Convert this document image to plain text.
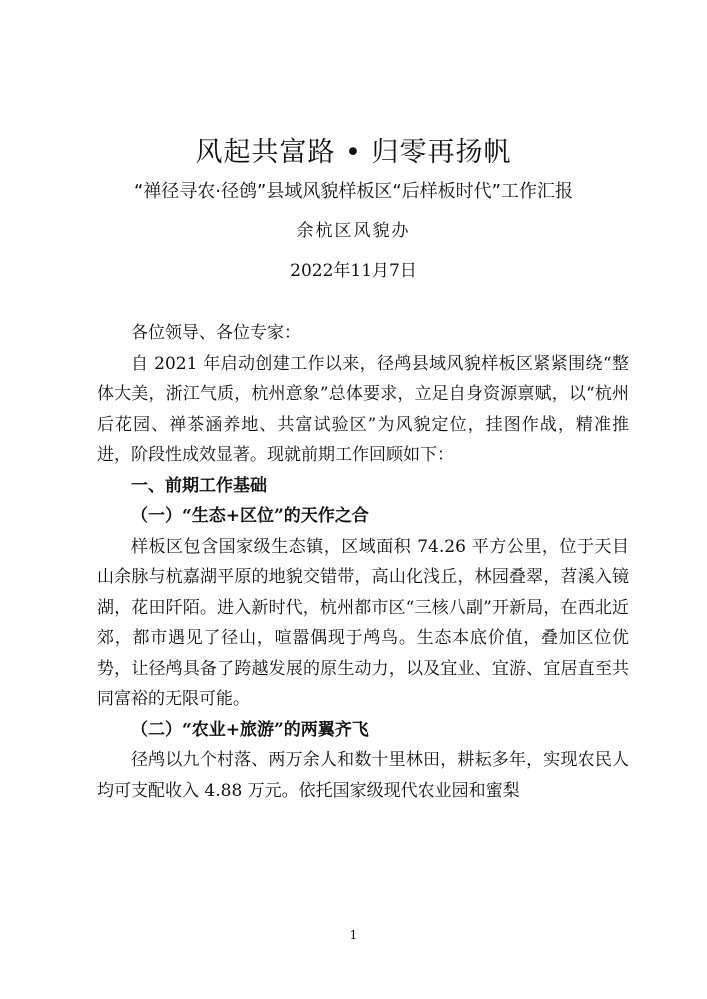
风起共富路 • 归零再扬帆
“禅径寻农·径鸧”县域风貌样板区“后样板时代”工作汇报
余杭区风貌办
2022年11月7日

各位领导、各位专家：

自 2021 年启动创建工作以来，径鸬县域风貌样板区紧紧围绕“整体大美，浙江气质，杭州意象”总体要求，立足自身资源禀赋，以“杭州后花园、禅茶涵养地、共富试验区”为风貌定位，挂图作战，精准推进，阶段性成效显著。现就前期工作回顾如下：

一、前期工作基础

（一）“生态+区位”的天作之合

样板区包含国家级生态镇，区域面积 74.26 平方公里，位于天目山余脉与杭嘉湖平原的地貌交错带，高山化浅丘，林园叠翠，苕溪入镜湖，花田阡陌。进入新时代，杭州都市区“三核八副”开新局，在西北近郊，都市遇见了径山，喧嚣偶现于鸬鸟。生态本底价值，叠加区位优势，让径鸬具备了跨越发展的原生动力，以及宜业、宜游、宜居直至共同富裕的无限可能。

（二）“农业+旅游”的两翼齐飞

径鸬以九个村落、两万余人和数十里林田，耕耘多年，实现农民人均可支配收入 4.88 万元。依托国家级现代农业园和蜜梨

1
